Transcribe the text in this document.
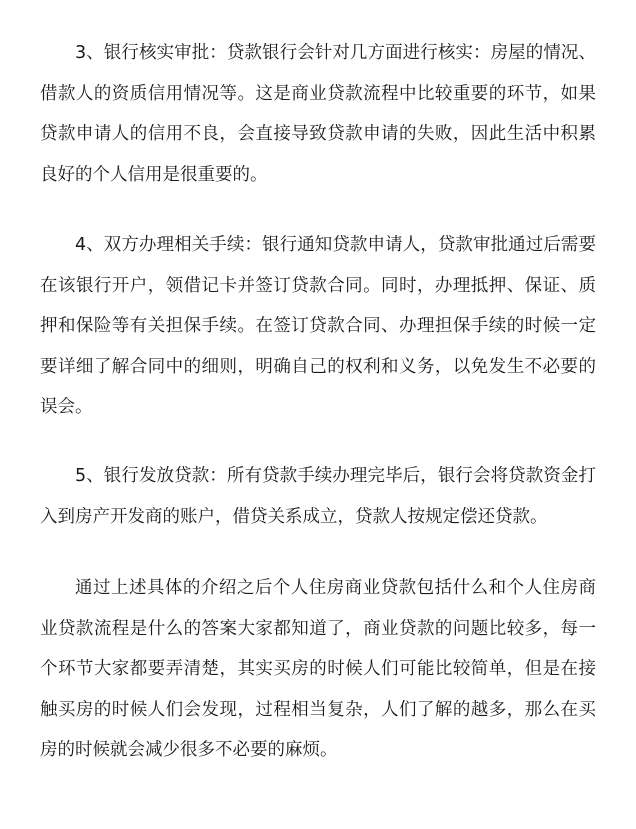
3、银行核实审批：贷款银行会针对几方面进行核实：房屋的情况、借款人的资质信用情况等。这是商业贷款流程中比较重要的环节，如果贷款申请人的信用不良，会直接导致贷款申请的失败，因此生活中积累良好的个人信用是很重要的。

4、双方办理相关手续：银行通知贷款申请人，贷款审批通过后需要在该银行开户，领借记卡并签订贷款合同。同时，办理抵押、保证、质押和保险等有关担保手续。在签订贷款合同、办理担保手续的时候一定要详细了解合同中的细则，明确自己的权利和义务，以免发生不必要的误会。

5、银行发放贷款：所有贷款手续办理完毕后，银行会将贷款资金打入到房产开发商的账户，借贷关系成立，贷款人按规定偿还贷款。

通过上述具体的介绍之后个人住房商业贷款包括什么和个人住房商业贷款流程是什么的答案大家都知道了，商业贷款的问题比较多，每一个环节大家都要弄清楚，其实买房的时候人们可能比较简单，但是在接触买房的时候人们会发现，过程相当复杂，人们了解的越多，那么在买房的时候就会减少很多不必要的麻烦。
